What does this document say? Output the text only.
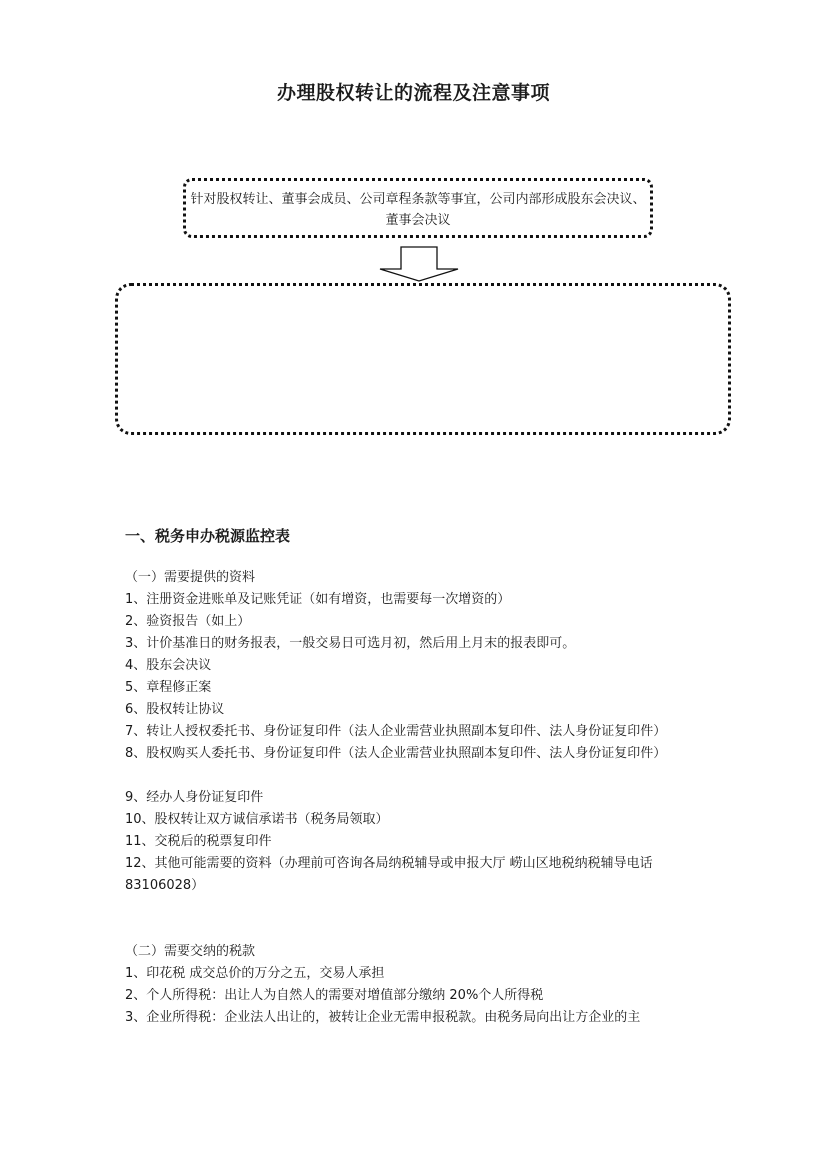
办理股权转让的流程及注意事项
针对股权转让、董事会成员、公司章程条款等事宜，公司内部形成股东会决议、董事会决议
一、税务申办税源监控表
（一）需要提供的资料
1、注册资金进账单及记账凭证（如有增资，也需要每一次增资的）
2、验资报告（如上）
3、计价基准日的财务报表，一般交易日可选月初，然后用上月末的报表即可。
4、股东会决议
5、章程修正案
6、股权转让协议
7、转让人授权委托书、身份证复印件（法人企业需营业执照副本复印件、法人身份证复印件）
8、股权购买人委托书、身份证复印件（法人企业需营业执照副本复印件、法人身份证复印件）
9、经办人身份证复印件
10、股权转让双方诚信承诺书（税务局领取）
11、交税后的税票复印件
12、其他可能需要的资料（办理前可咨询各局纳税辅导或申报大厅 崂山区地税纳税辅导电话 83106028）
（二）需要交纳的税款
1、印花税 成交总价的万分之五，交易人承担
2、个人所得税：出让人为自然人的需要对增值部分缴纳 20%个人所得税
3、企业所得税：企业法人出让的，被转让企业无需申报税款。由税务局向出让方企业的主
